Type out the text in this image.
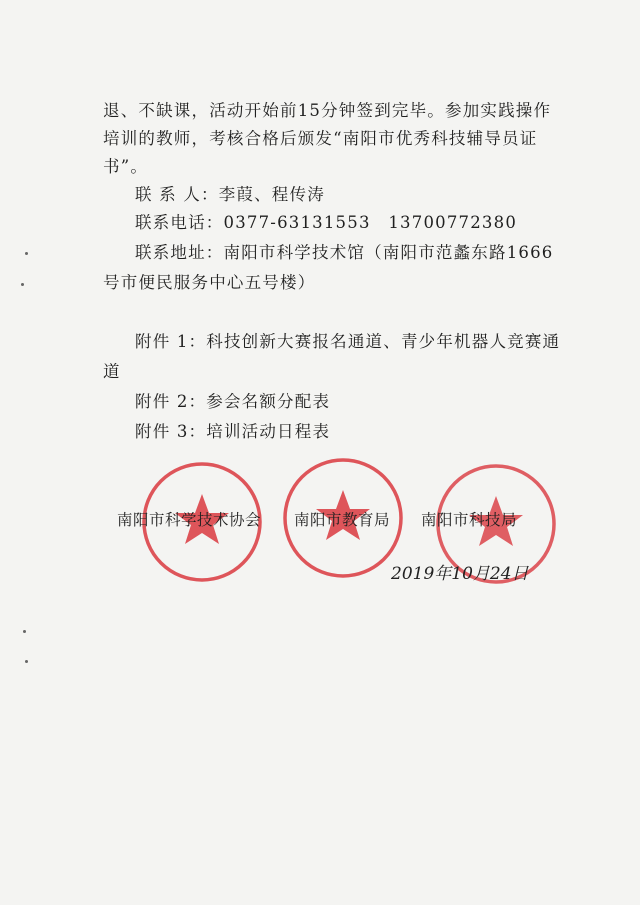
退、不缺课，活动开始前15分钟签到完毕。参加实践操作
培训的教师，考核合格后颁发“南阳市优秀科技辅导员证
书”。
联 系 人：李葭、程传涛
联系电话：0377-63131553　13700772380
联系地址：南阳市科学技术馆（南阳市范蠡东路1666
号市便民服务中心五号楼）
附件 1：科技创新大赛报名通道、青少年机器人竞赛通
道
附件 2：参会名额分配表
附件 3：培训活动日程表
南阳市科学技术协会 南阳市教育局 南阳市科技局
2019年10月24日
